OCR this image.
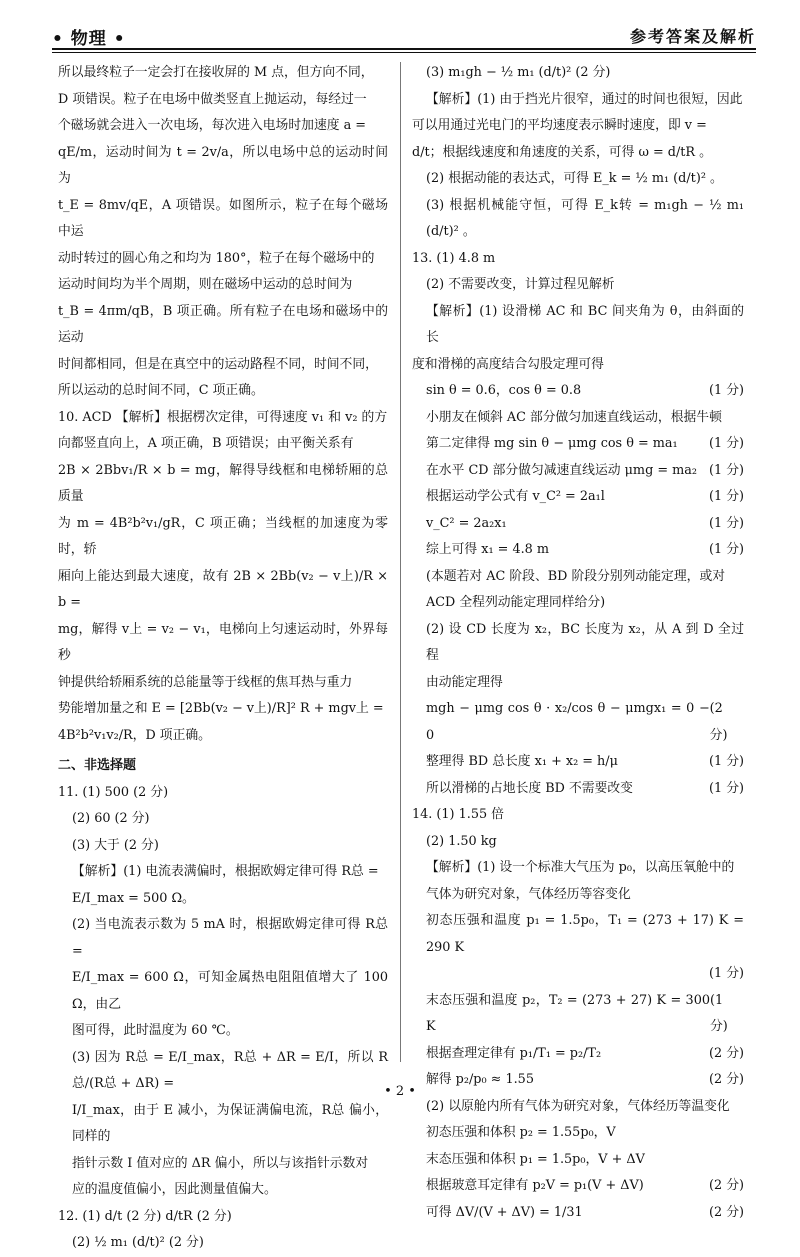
• 物理 •	参考答案及解析
所以最终粒子一定会打在接收屏的 M 点，但方向不同，
D 项错误。粒子在电场中做类竖直上抛运动，每经过一
个磁场就会进入一次电场，每次进入电场时加速度 a =
qE/m，运动时间为 t = 2v/a，所以电场中总的运动时间为
t_E = 8mv/qE，A 项错误。如图所示，粒子在每个磁场中运
动时转过的圆心角之和均为 180°，粒子在每个磁场中的
运动时间均为半个周期，则在磁场中运动的总时间为
t_B = 4πm/qB，B 项正确。所有粒子在电场和磁场中的运动
时间都相同，但是在真空中的运动路程不同，时间不同，
所以运动的总时间不同，C 项正确。
10. ACD 【解析】根据楞次定律，可得速度 v₁ 和 v₂ 的方
向都竖直向上，A 项正确，B 项错误；由平衡关系有
2B × 2Bbv₁/R × b = mg，解得导线框和电梯轿厢的总质量
为 m = 4B²b²v₁/gR，C 项正确；当线框的加速度为零时，轿
厢向上能达到最大速度，故有 2B × 2Bb(v₂ − v上)/R × b =
mg，解得 v上 = v₂ − v₁，电梯向上匀速运动时，外界每秒
钟提供给轿厢系统的总能量等于线框的焦耳热与重力
势能增加量之和 E = [2Bb(v₂ − v上)/R]² R + mgv上 =
4B²b²v₁v₂/R，D 项正确。
二、非选择题
11. (1) 500 (2 分)
(2) 60 (2 分)
(3) 大于 (2 分)
【解析】(1) 电流表满偏时，根据欧姆定律可得 R总 =
E/I_max = 500 Ω。
(2) 当电流表示数为 5 mA 时，根据欧姆定律可得 R总 =
E/I_max = 600 Ω，可知金属热电阻阻值增大了 100 Ω，由乙
图可得，此时温度为 60 ℃。
(3) 因为 R总 = E/I_max，R总 + ΔR = E/I，所以 R总/(R总 + ΔR) =
I/I_max，由于 E 减小，为保证满偏电流，R总 偏小，同样的
指针示数 I 值对应的 ΔR 偏小，所以与该指针示数对
应的温度值偏小，因此测量值偏大。
12. (1) d/t (2 分) d/tR (2 分)
(2) ½ m₁ (d/t)² (2 分)
(3) m₁gh − ½ m₁ (d/t)² (2 分)
【解析】(1) 由于挡光片很窄，通过的时间也很短，因此
可以用通过光电门的平均速度表示瞬时速度，即 v =
d/t；根据线速度和角速度的关系，可得 ω = d/tR 。
(2) 根据动能的表达式，可得 E_k = ½ m₁ (d/t)² 。
(3) 根据机械能守恒，可得 E_k转 = m₁gh − ½ m₁ (d/t)² 。
13. (1) 4.8 m
(2) 不需要改变，计算过程见解析
【解析】(1) 设滑梯 AC 和 BC 间夹角为 θ，由斜面的长
度和滑梯的高度结合勾股定理可得
sin θ = 0.6，cos θ = 0.8	(1 分)
小朋友在倾斜 AC 部分做匀加速直线运动，根据牛顿
第二定律得 mg sin θ − μmg cos θ = ma₁ (1 分)
在水平 CD 部分做匀减速直线运动 μmg = ma₂ (1 分)
根据运动学公式有 v_C² = 2a₁l	(1 分)
v_C² = 2a₂x₁	(1 分)
综上可得 x₁ = 4.8 m	(1 分)
(本题若对 AC 阶段、BD 阶段分别列动能定理，或对
ACD 全程列动能定理同样给分)
(2) 设 CD 长度为 x₂，BC 长度为 x₂，从 A 到 D 全过程
由动能定理得
mgh − μmg cos θ · x₂/cos θ − μmgx₁ = 0 − 0
(2 分)
整理得 BD 总长度 x₁ + x₂ = h/μ	(1 分)
所以滑梯的占地长度 BD 不需要改变	(1 分)
14. (1) 1.55 倍
(2) 1.50 kg
【解析】(1) 设一个标准大气压为 p₀，以高压氧舱中的
气体为研究对象，气体经历等容变化
初态压强和温度 p₁ = 1.5p₀，T₁ = (273 + 17) K = 290 K
(1 分)
末态压强和温度 p₂，T₂ = (273 + 27) K = 300 K
(1 分)
根据查理定律有 p₁/T₁ = p₂/T₂	(2 分)
解得 p₂/p₀ ≈ 1.55	(2 分)
(2) 以原舱内所有气体为研究对象，气体经历等温变化
初态压强和体积 p₂ = 1.55p₀，V
末态压强和体积 p₁ = 1.5p₀，V + ΔV
根据玻意耳定律有 p₂V = p₁(V + ΔV)	(2 分)
可得 ΔV/(V + ΔV) = 1/31	(2 分)
• 2 •
